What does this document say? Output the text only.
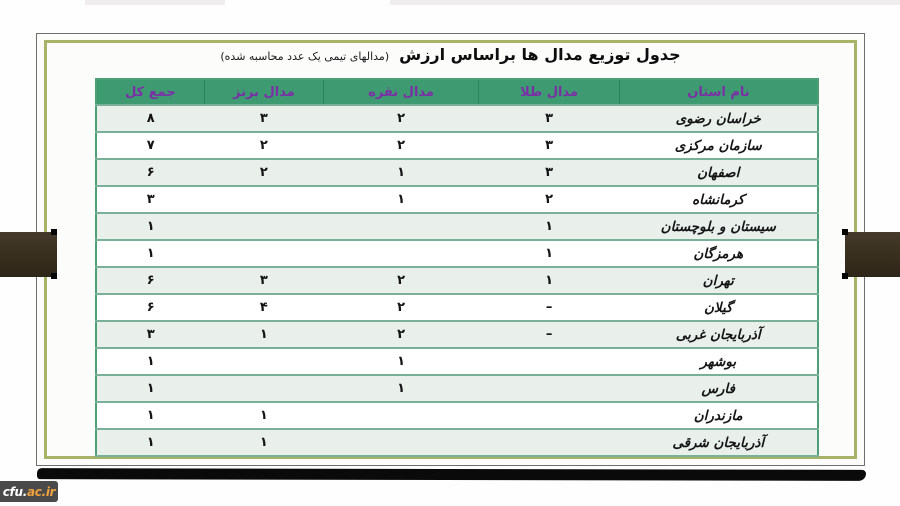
جدول توزیع مدال ها براساس ارزش(مدالهای تیمی یک عدد محاسبه شده)
نام استان	مدال طلا	مدال نقره	مدال برنز	جمع کل
خراسان رضوی	۳	۲	۳	۸
سازمان مرکزی	۳	۲	۲	۷
اصفهان	۳	۱	۲	۶
کرمانشاه	۲	۱		۳
سیستان و بلوچستان	۱			۱
هرمزگان	۱			۱
تهران	۱	۲	۳	۶
گیلان	–	۲	۴	۶
آذربایجان غربی	–	۲	۱	۳
بوشهر		۱		۱
فارس		۱		۱
مازندران			۱	۱
آذربایجان شرقی			۱	۱
cfu. ac.ir
